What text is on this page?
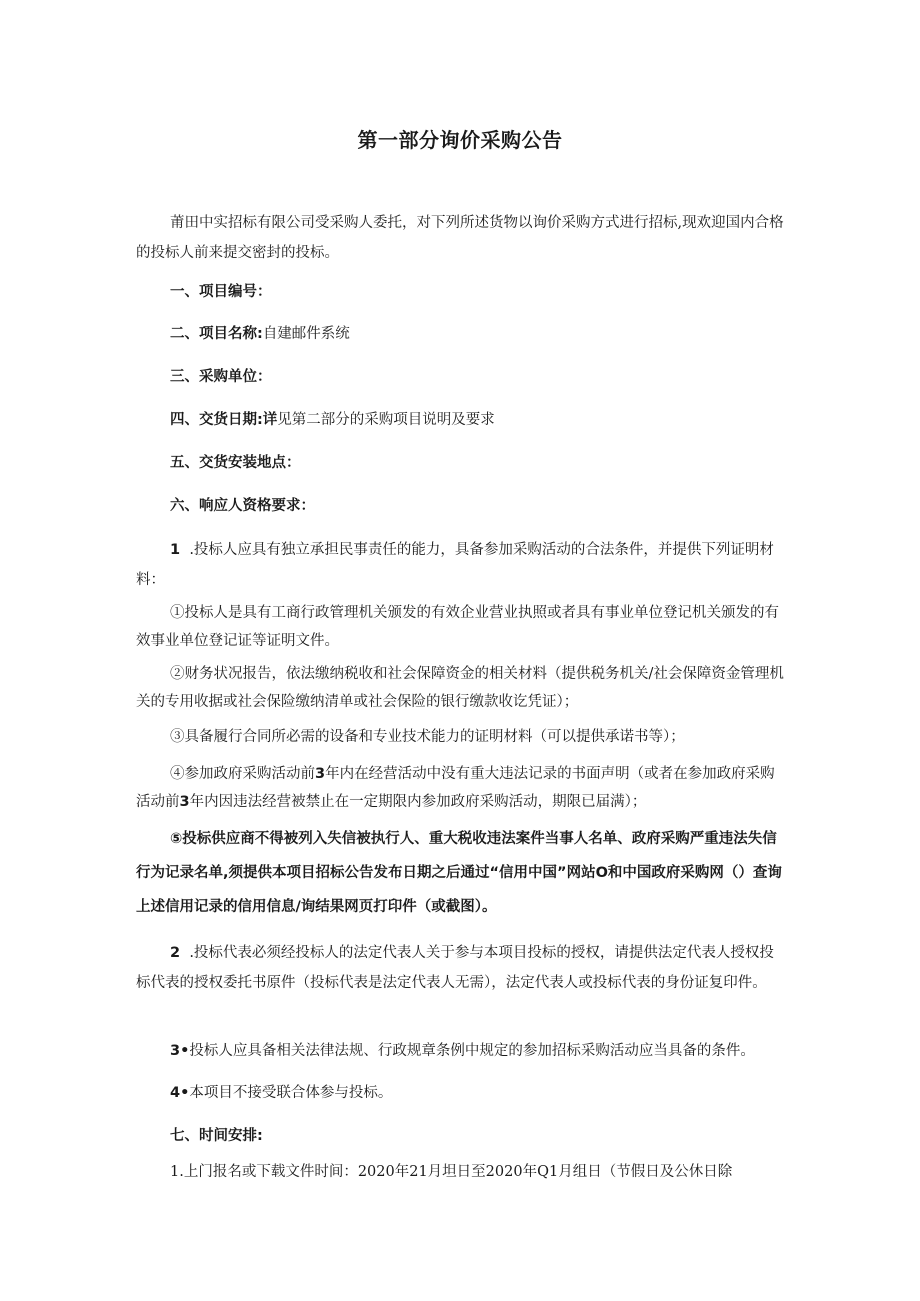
第一部分询价采购公告

莆田中实招标有限公司受采购人委托，对下列所述货物以询价采购方式进行招标,现欢迎国内合格的投标人前来提交密封的投标。

一、项目编号：

二、项目名称:自建邮件系统

三、采购单位：

四、交货日期:详见第二部分的采购项目说明及要求

五、交货安装地点：

六、响应人资格要求：

1 .投标人应具有独立承担民事责任的能力，具备参加采购活动的合法条件，并提供下列证明材料：

①投标人是具有工商行政管理机关颁发的有效企业营业执照或者具有事业单位登记机关颁发的有效事业单位登记证等证明文件。

②财务状况报告，依法缴纳税收和社会保障资金的相关材料（提供税务机关/社会保障资金管理机关的专用收据或社会保险缴纳清单或社会保险的银行缴款收讫凭证）；

③具备履行合同所必需的设备和专业技术能力的证明材料（可以提供承诺书等）；

④参加政府采购活动前3年内在经营活动中没有重大违法记录的书面声明（或者在参加政府采购活动前3年内因违法经营被禁止在一定期限内参加政府采购活动，期限已届满）；

⑤投标供应商不得被列入失信被执行人、重大税收违法案件当事人名单、政府采购严重违法失信行为记录名单,须提供本项目招标公告发布日期之后通过“信用中国”网站O和中国政府采购网（）查询上述信用记录的信用信息/询结果网页打印件（或截图）。

2 .投标代表必须经投标人的法定代表人关于参与本项目投标的授权，请提供法定代表人授权投标代表的授权委托书原件（投标代表是法定代表人无需），法定代表人或投标代表的身份证复印件。

3•投标人应具备相关法律法规、行政规章条例中规定的参加招标采购活动应当具备的条件。

4•本项目不接受联合体参与投标。

七、时间安排:

1.上门报名或下载文件时间：2020年21月坦日至2020年Q1月组日（节假日及公休日除
